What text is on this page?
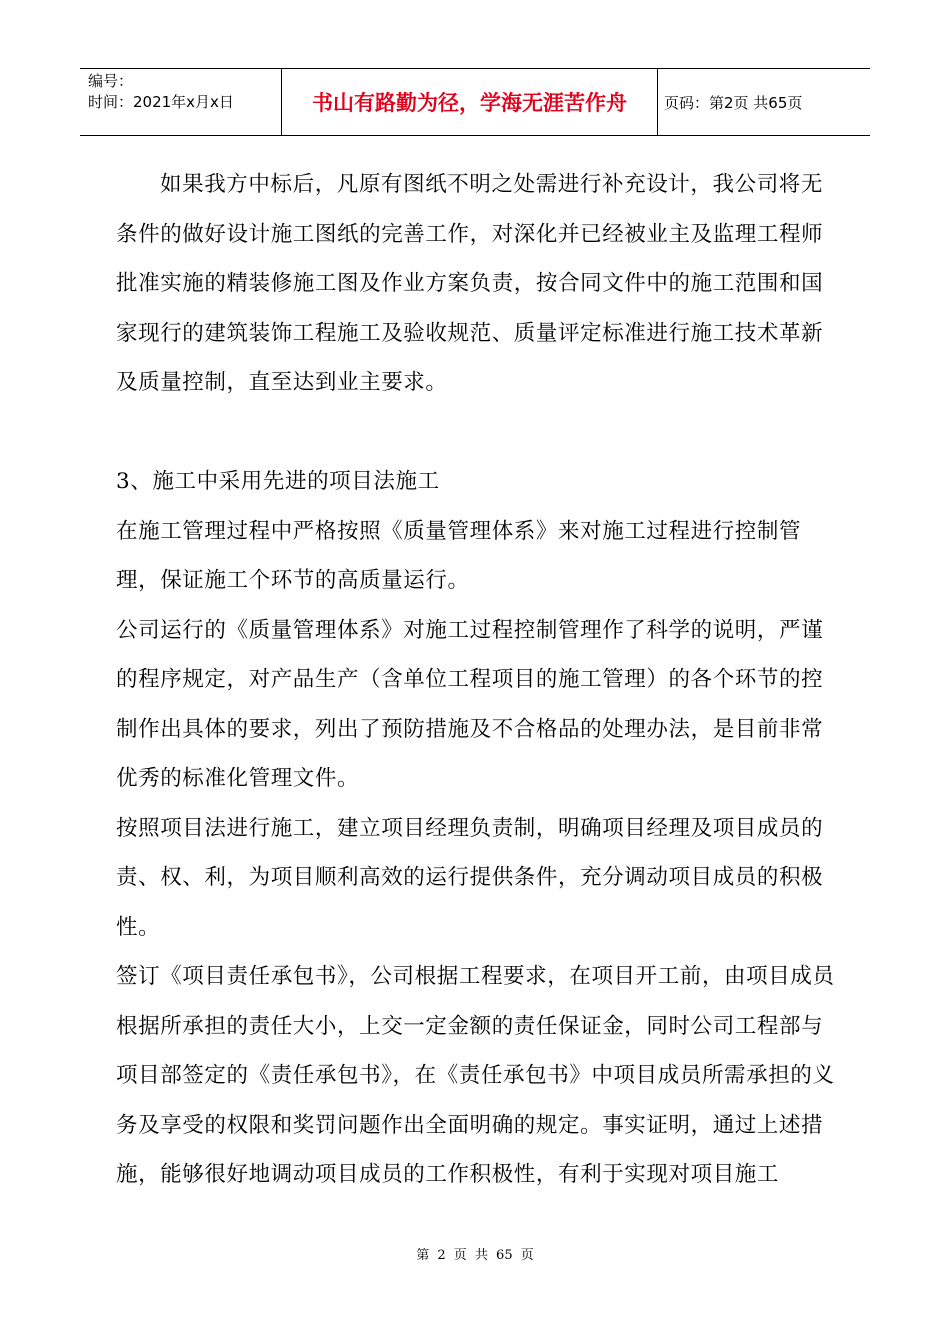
编号：
时间：2021年x月x日	书山有路勤为径，学海无涯苦作舟	页码：第2页 共65页

如果我方中标后，凡原有图纸不明之处需进行补充设计，我公司将无条件的做好设计施工图纸的完善工作，对深化并已经被业主及监理工程师批准实施的精装修施工图及作业方案负责，按合同文件中的施工范围和国家现行的建筑装饰工程施工及验收规范、质量评定标准进行施工技术革新及质量控制，直至达到业主要求。

3、施工中采用先进的项目法施工

在施工管理过程中严格按照《质量管理体系》来对施工过程进行控制管理，保证施工个环节的高质量运行。

公司运行的《质量管理体系》对施工过程控制管理作了科学的说明，严谨的程序规定，对产品生产（含单位工程项目的施工管理）的各个环节的控制作出具体的要求，列出了预防措施及不合格品的处理办法，是目前非常优秀的标准化管理文件。

按照项目法进行施工，建立项目经理负责制，明确项目经理及项目成员的责、权、利，为项目顺利高效的运行提供条件，充分调动项目成员的积极性。

签订《项目责任承包书》，公司根据工程要求，在项目开工前，由项目成员根据所承担的责任大小，上交一定金额的责任保证金，同时公司工程部与项目部签定的《责任承包书》，在《责任承包书》中项目成员所需承担的义务及享受的权限和奖罚问题作出全面明确的规定。事实证明，通过上述措施，能够很好地调动项目成员的工作积极性，有利于实现对项目施工

第 2 页 共 65 页
